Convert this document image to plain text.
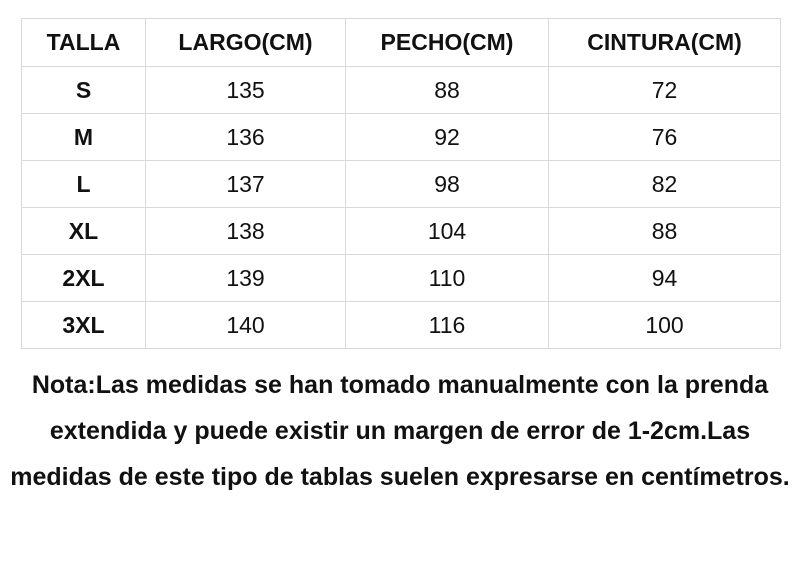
TALLA	LARGO(CM)	PECHO(CM)	CINTURA(CM)
S	135	88	72
M	136	92	76
L	137	98	82
XL	138	104	88
2XL	139	110	94
3XL	140	116	100

Nota:Las medidas se han tomado manualmente con la prenda extendida y puede existir un margen de error de 1-2cm.Las medidas de este tipo de tablas suelen expresarse en centímetros.
